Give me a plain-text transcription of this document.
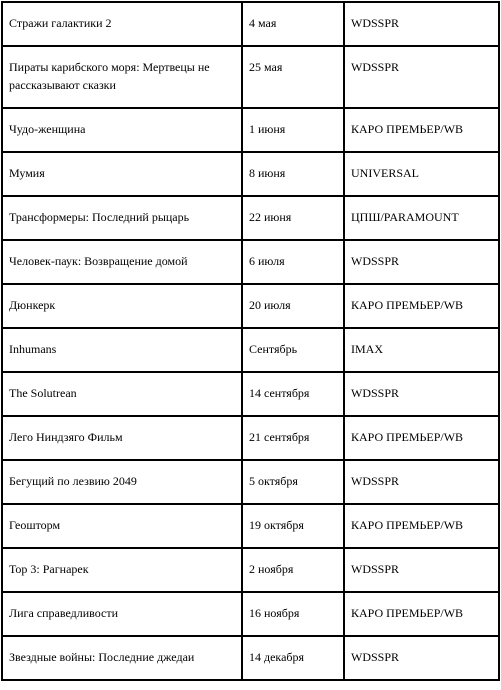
Стражи галактики 2	4 мая	WDSSPR

Пираты карибского моря: Мертвецы не рассказывают сказки	25 мая	WDSSPR

Чудо-женщина	1 июня	КАРО ПРЕМЬЕР/WB

Мумия	8 июня	UNIVERSAL

Трансформеры: Последний рыцарь	22 июня	ЦПШ/PARAMOUNT

Человек-паук: Возвращение домой	6 июля	WDSSPR

Дюнкерк	20 июля	КАРО ПРЕМЬЕР/WB

Inhumans	Сентябрь	IMAX

The Solutrean	14 сентября	WDSSPR

Лего Ниндзяго Фильм	21 сентября	КАРО ПРЕМЬЕР/WB

Бегущий по лезвию 2049	5 октября	WDSSPR

Геошторм	19 октября	КАРО ПРЕМЬЕР/WB

Тор 3: Рагнарек	2 ноября	WDSSPR

Лига справедливости	16 ноября	КАРО ПРЕМЬЕР/WB

Звездные войны: Последние джедаи	14 декабря	WDSSPR
